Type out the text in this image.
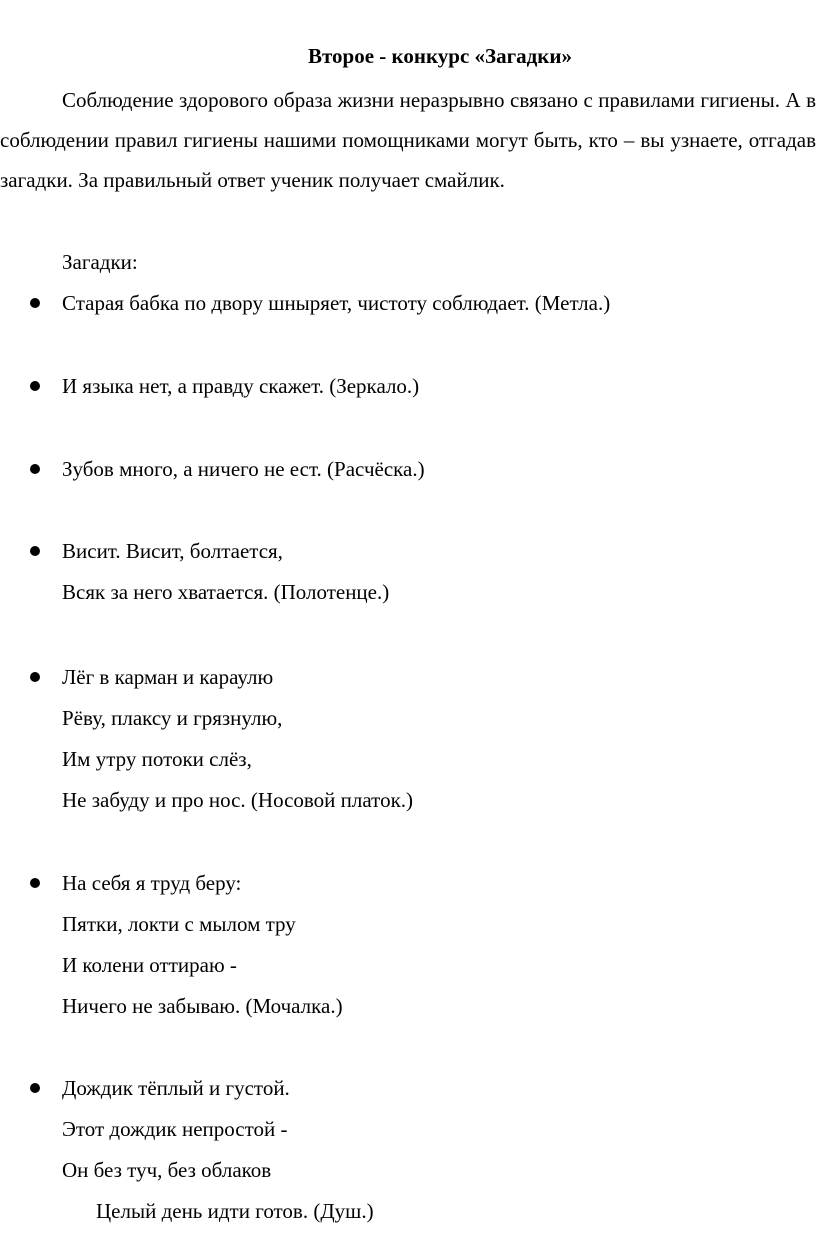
Второе - конкурс «Загадки»

Соблюдение здорового образа жизни неразрывно связано с правилами гигиены. А в соблюдении правил гигиены нашими помощниками могут быть, кто – вы узнаете, отгадав загадки. За правильный ответ ученик получает смайлик.

Загадки:
Старая бабка по двору шныряет, чистоту соблюдает. (Метла.)
И языка нет, а правду скажет. (Зеркало.)
Зубов много, а ничего не ест. (Расчёска.)
Висит. Висит, болтается,
Всяк за него хватается. (Полотенце.)
Лёг в карман и караулю
Рёву, плаксу и грязнулю,
Им утру потоки слёз,
Не забуду и про нос. (Носовой платок.)
На себя я труд беру:
Пятки, локти с мылом тру
И колени оттираю -
Ничего не забываю. (Мочалка.)
Дождик тёплый и густой.
Этот дождик непростой -
Он без туч, без облаков
Целый день идти готов. (Душ.)
